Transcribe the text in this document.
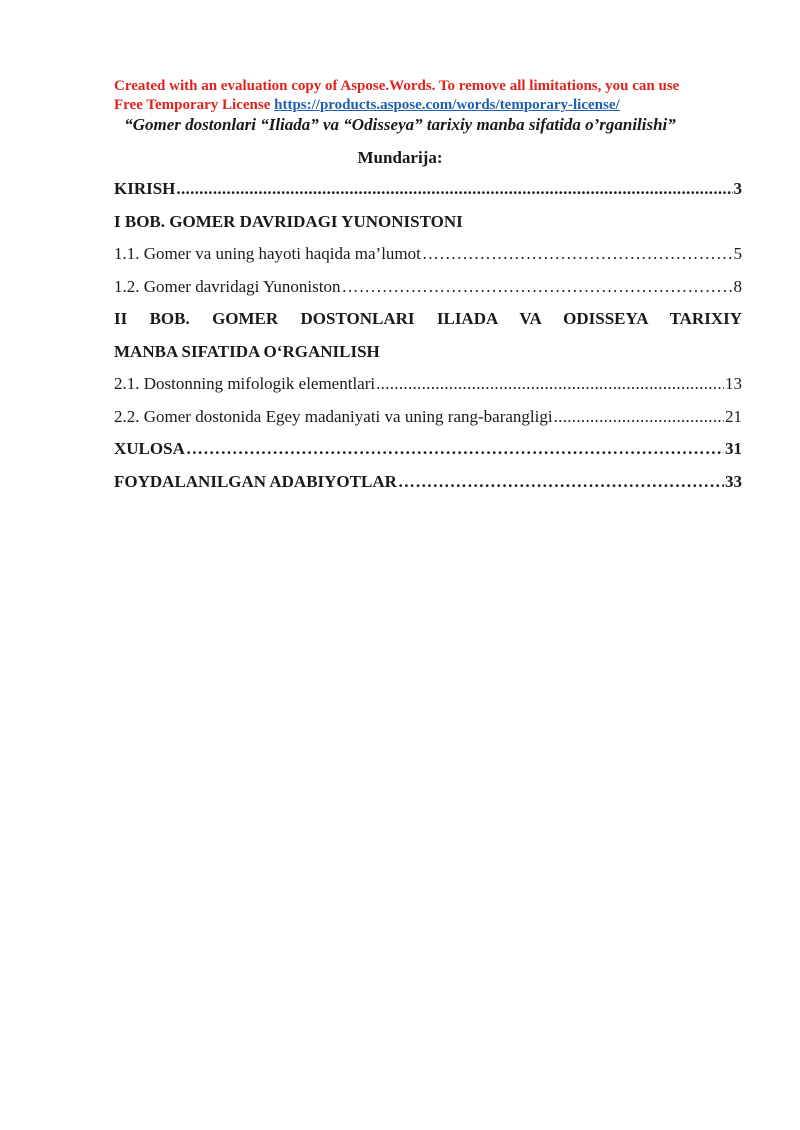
Created with an evaluation copy of Aspose.Words. To remove all limitations, you can use
Free Temporary License https://products.aspose.com/words/temporary-license/
“Gomer dostonlari “Iliada” va “Odisseya” tarixiy manba sifatida o’rganilishi”
Mundarija:
KIRISH .....	3
I BOB. GOMER DAVRIDAGI YUNONISTONI
1.1. Gomer va uning hayoti haqida ma’lumot ……………………………………………………………………………………………………………………………………………………………	5
1.2. Gomer davridagi Yunoniston ……………………………………………………………………………………………………………………………………………………………	8
II BOB. GOMER DOSTONLARI ILIADA VA ODISSEYA TARIXIY
MANBA SIFATIDA O‘RGANILISH
2.1. Dostonning mifologik elementlari .....	13
2.2. Gomer dostonida Egey madaniyati va uning rang-barangligi .....	21
XULOSA ……………………………………………………………………………………………………………………………………………………………	31
FOYDALANILGAN ADABIYOTLAR ……………………………………………………………………………………………………………………………………………………………	33
